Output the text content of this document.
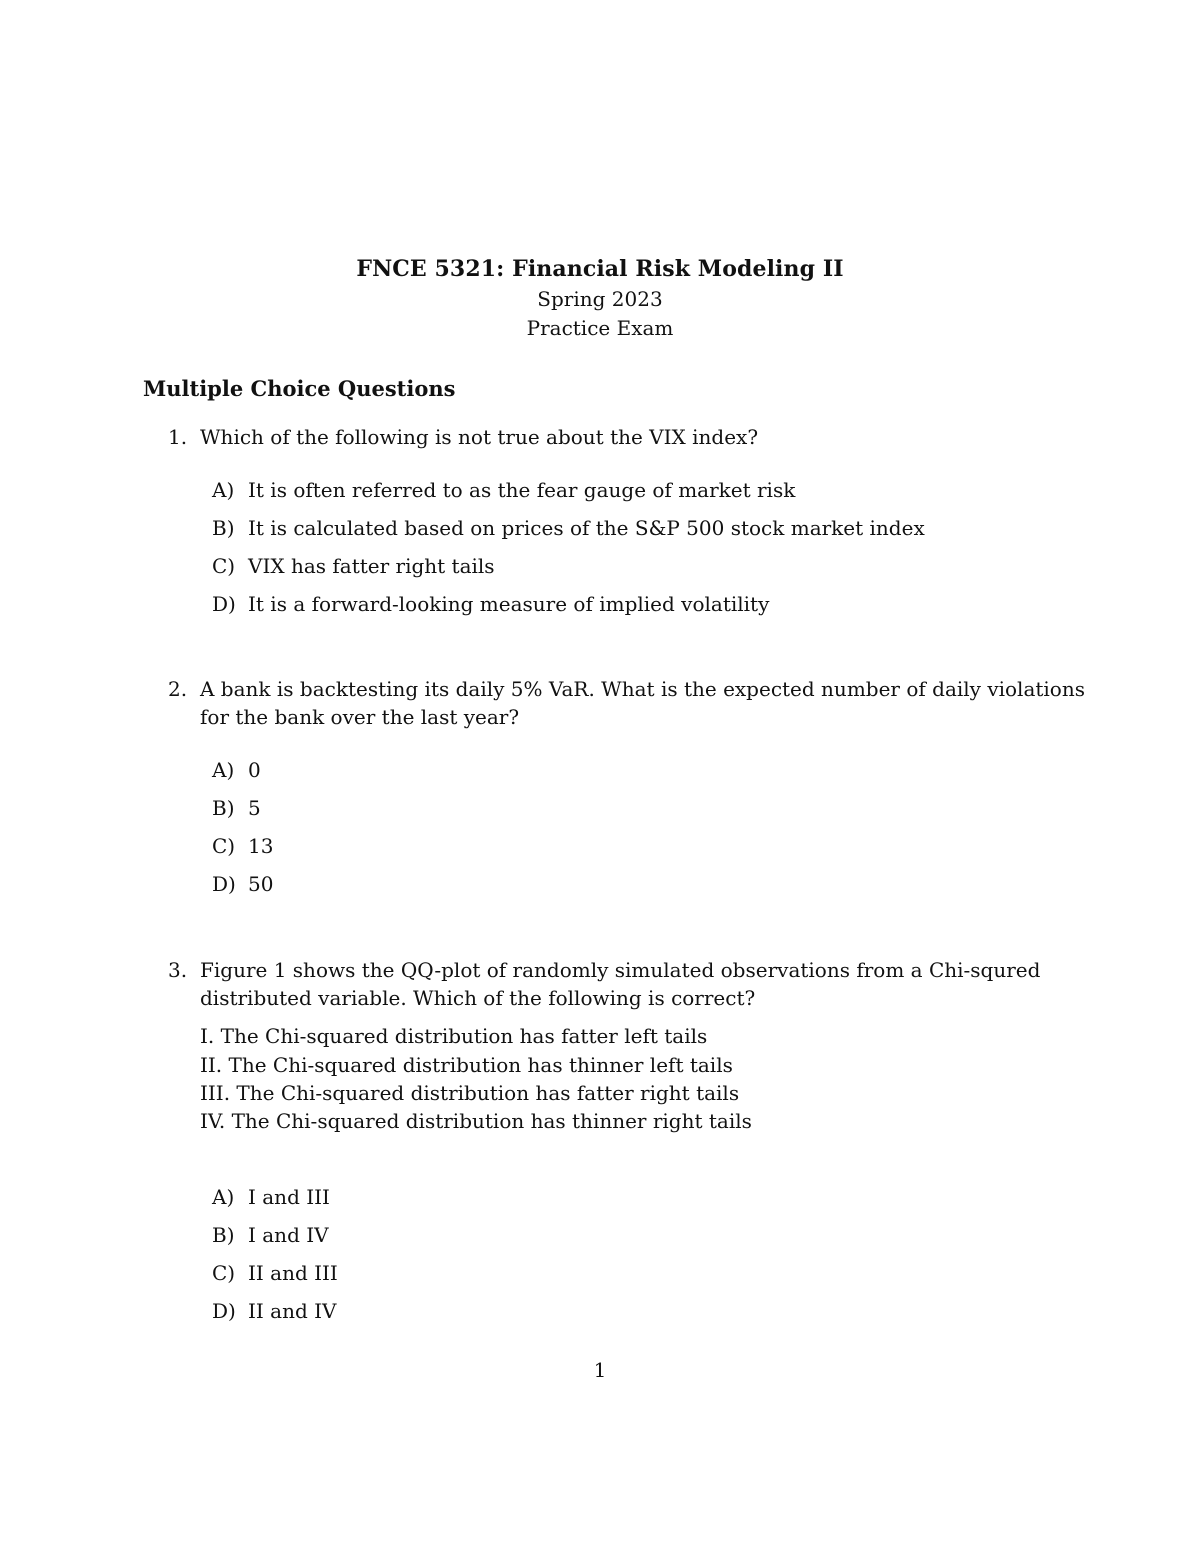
FNCE 5321: Financial Risk Modeling II
Spring 2023
Practice Exam
Multiple Choice Questions
1. Which of the following is not true about the VIX index?
A) It is often referred to as the fear gauge of market risk
B) It is calculated based on prices of the S&P 500 stock market index
C) VIX has fatter right tails
D) It is a forward-looking measure of implied volatility
2. A bank is backtesting its daily 5% VaR. What is the expected number of daily violations
for the bank over the last year?
A) 0
B) 5
C) 13
D) 50
3. Figure 1 shows the QQ-plot of randomly simulated observations from a Chi-squred
distributed variable. Which of the following is correct?
I. The Chi-squared distribution has fatter left tails
II. The Chi-squared distribution has thinner left tails
III. The Chi-squared distribution has fatter right tails
IV. The Chi-squared distribution has thinner right tails
A) I and III
B) I and IV
C) II and III
D) II and IV
1
